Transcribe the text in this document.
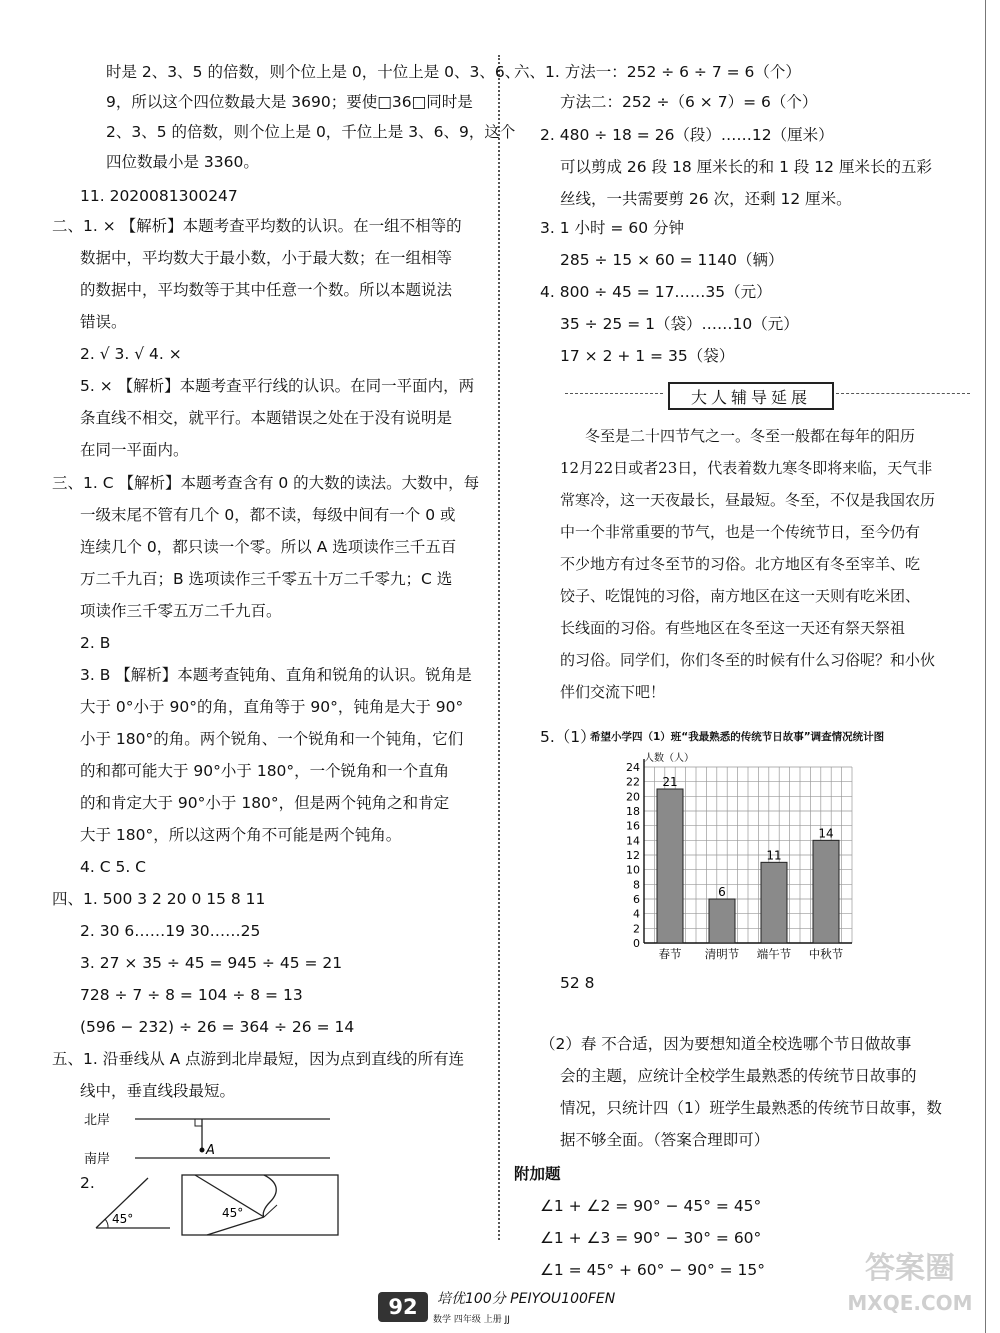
时是 2、3、5 的倍数，则个位上是 0，十位上是 0、3、6、
9，所以这个四位数最大是 3690；要使□36□同时是
2、3、5 的倍数，则个位上是 0，千位上是 3、6、9，这个
四位数最小是 3360。
11. 2020081300247
二、1. × 【解析】本题考查平均数的认识。在一组不相等的
数据中，平均数大于最小数，小于最大数；在一组相等
的数据中，平均数等于其中任意一个数。所以本题说法
错误。
2. √ 3. √ 4. ×
5. × 【解析】本题考查平行线的认识。在同一平面内，两
条直线不相交，就平行。本题错误之处在于没有说明是
在同一平面内。
三、1. C 【解析】本题考查含有 0 的大数的读法。大数中，每
一级末尾不管有几个 0，都不读，每级中间有一个 0 或
连续几个 0，都只读一个零。所以 A 选项读作三千五百
万二千九百；B 选项读作三千零五十万二千零九；C 选
项读作三千零五万二千九百。
2. B
3. B 【解析】本题考查钝角、直角和锐角的认识。锐角是
大于 0°小于 90°的角，直角等于 90°，钝角是大于 90°
小于 180°的角。两个锐角、一个锐角和一个钝角，它们
的和都可能大于 90°小于 180°，一个锐角和一个直角
的和肯定大于 90°小于 180°，但是两个钝角之和肯定
大于 180°，所以这两个角不可能是两个钝角。
4. C 5. C
四、1. 500 3 2 20 0 15 8 11
2. 30 6……19 30……25
3. 27 × 35 ÷ 45 = 945 ÷ 45 = 21
728 ÷ 7 ÷ 8 = 104 ÷ 8 = 13
(596 − 232) ÷ 26 = 364 ÷ 26 = 14
五、1. 沿垂线从 A 点游到北岸最短，因为点到直线的所有连
线中，垂直线段最短。
北岸
南岸
A
2.
45°	45°
六、1. 方法一：252 ÷ 6 ÷ 7 = 6（个）
方法二：252 ÷（6 × 7）= 6（个）
2. 480 ÷ 18 = 26（段）……12（厘米）
可以剪成 26 段 18 厘米长的和 1 段 12 厘米长的五彩
丝线，一共需要剪 26 次，还剩 12 厘米。
3. 1 小时 = 60 分钟
285 ÷ 15 × 60 = 1140（辆）
4. 800 ÷ 45 = 17……35（元）
35 ÷ 25 = 1（袋）……10（元）
17 × 2 + 1 = 35（袋）
大人辅导延展
冬至是二十四节气之一。冬至一般都在每年的阳历
12月22日或者23日，代表着数九寒冬即将来临，天气非
常寒冷，这一天夜最长，昼最短。冬至，不仅是我国农历
中一个非常重要的节气，也是一个传统节日，至今仍有
不少地方有过冬至节的习俗。北方地区有冬至宰羊、吃
饺子、吃馄饨的习俗，南方地区在这一天则有吃米团、
长线面的习俗。有些地区在冬至这一天还有祭天祭祖
的习俗。同学们，你们冬至的时候有什么习俗呢？和小伙
伴们交流下吧！
5.（1）
希望小学四（1）班“我最熟悉的传统节日故事”调查情况统计图
0
2
4
6
8
10
12
14
16
18
20
22
24
21
春节
6
清明节
11
端午节
14
中秋节
人数（人）
52 8
（2）春 不合适，因为要想知道全校选哪个节日做故事
会的主题，应统计全校学生最熟悉的传统节日故事的
情况，只统计四（1）班学生最熟悉的传统节日故事，数
据不够全面。（答案合理即可）
附加题
∠1 + ∠2 = 90° − 45° = 45°
∠1 + ∠3 = 90° − 30° = 60°
∠1 = 45° + 60° − 90° = 15°
92	培优100分 PEIYOU100FEN
数学 四年级 上册 JJ
答案圈
MXQE.COM
